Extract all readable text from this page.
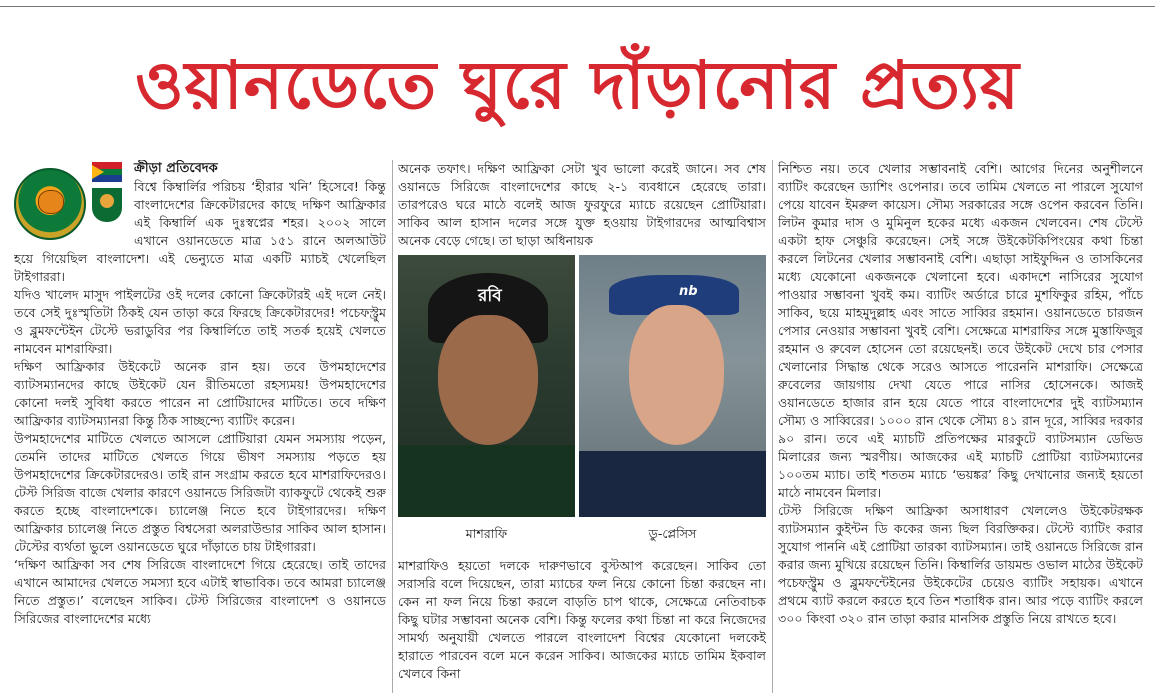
ওয়ানডেতে ঘুরে দাঁড়ানোর প্রত্যয়

ক্রীড়া প্রতিবেদক

বিশ্বে কিম্বার্লির পরিচয় ‘হীরার খনি’ হিসেবে! কিন্তু বাংলাদেশের ক্রিকেটারদের কাছে দক্ষিণ আফ্রিকার এই কিম্বার্লি এক দুঃস্বপ্নের শহর। ২০০২ সালে এখানে ওয়ানডেতে মাত্র ১৫১ রানে অলআউট হয়ে গিয়েছিল বাংলাদেশ। এই ভেন্যুতে মাত্র একটি ম্যাচই খেলেছিল টাইগাররা।

যদিও খালেদ মাসুদ পাইলটের ওই দলের কোনো ক্রিকেটারই এই দলে নেই। তবে সেই দুঃস্মৃতিটা ঠিকই যেন তাড়া করে ফিরছে ক্রিকেটারদের! পচেফস্ট্রুম ও ব্লুমফন্টেইন টেস্টে ভরাডুবির পর কিম্বার্লিতে তাই সতর্ক হয়েই খেলতে নামবেন মাশরাফিরা।

দক্ষিণ আফ্রিকার উইকেটে অনেক রান হয়। তবে উপমহাদেশের ব্যাটসম্যানদের কাছে উইকেট যেন রীতিমতো রহস্যময়! উপমহাদেশের কোনো দলই সুবিধা করতে পারেন না প্রোটিয়াদের মাটিতে। তবে দক্ষিণ আফ্রিকার ব্যাটসম্যানরা কিন্তু ঠিক সাচ্ছন্দ্যে ব্যাটিং করেন।

উপমহাদেশের মাটিতে খেলতে আসলে প্রোটিয়ারা যেমন সমস্যায় পড়েন, তেমনি তাদের মাটিতে খেলতে গিয়ে ভীষণ সমস্যায় পড়তে হয় উপমহাদেশের ক্রিকেটারদেরও। তাই রান সংগ্রাম করতে হবে মাশরাফিদেরও। টেস্ট সিরিজ বাজে খেলার কারণে ওয়ানডে সিরিজটা ব্যাকফুটে থেকেই শুরু করতে হচ্ছে বাংলাদেশকে। চ্যালেঞ্জ নিতে হবে টাইগারদের। দক্ষিণ আফ্রিকার চ্যালেঞ্জ নিতে প্রস্তুত বিশ্বসেরা অলরাউন্ডার সাকিব আল হাসান। টেস্টের ব্যর্থতা ভুলে ওয়ানডেতে ঘুরে দাঁড়াতে চায় টাইগাররা।

‘দক্ষিণ আফ্রিকা সব শেষ সিরিজে বাংলাদেশে গিয়ে হেরেছে। তাই তাদের এখানে আমাদের খেলতে সমস্যা হবে এটাই স্বাভাবিক। তবে আমরা চ্যালেঞ্জ নিতে প্রস্তুত।’ বলেছেন সাকিব। টেস্ট সিরিজের বাংলাদেশ ও ওয়ানডে সিরিজের বাংলাদেশের মধ্যে

অনেক তফাৎ। দক্ষিণ আফ্রিকা সেটা খুব ভালো করেই জানে। সব শেষ ওয়ানডে সিরিজে বাংলাদেশের কাছে ২-১ ব্যবধানে হেরেছে তারা। তারপরেও ঘরে মাঠে বলেই আজ ফুরফুরে ম্যাচে রয়েছেন প্রোটিয়ারা। সাকিব আল হাসান দলের সঙ্গে যুক্ত হওয়ায় টাইগারদের আত্মবিশ্বাস অনেক বেড়ে গেছে। তা ছাড়া অধিনায়ক

রবি	nb
মাশরাফি	ডু-প্লেসিস

মাশরাফিও হয়তো দলকে দারুণভাবে বুস্টআপ করেছেন। সাকিব তো সরাসরি বলে দিয়েছেন, তারা ম্যাচের ফল নিয়ে কোনো চিন্তা করছেন না। কেন না ফল নিয়ে চিন্তা করলে বাড়তি চাপ থাকে, সেক্ষেত্রে নেতিবাচক কিছু ঘটার সম্ভাবনা অনেক বেশি। কিন্তু ফলের কথা চিন্তা না করে নিজেদের সামর্থ্য অনুযায়ী খেলতে পারলে বাংলাদেশ বিশ্বের যেকোনো দলকেই হারাতে পারবেন বলে মনে করেন সাকিব। আজকের ম্যাচে তামিম ইকবাল খেলবে কিনা

নিশ্চিত নয়। তবে খেলার সম্ভাবনাই বেশি। আগের দিনের অনুশীলনে ব্যাটিং করেছেন ড্যাশিং ওপেনার। তবে তামিম খেলতে না পারলে সুযোগ পেয়ে যাবেন ইমরুল কায়েস। সৌম্য সরকারের সঙ্গে ওপেন করবেন তিনি। লিটন কুমার দাস ও মুমিনুল হকের মধ্যে একজন খেলবেন। শেষ টেস্টে একটা হাফ সেঞ্চুরি করেছেন। সেই সঙ্গে উইকেটকিপিংয়ের কথা চিন্তা করলে লিটনের খেলার সম্ভাবনাই বেশি। এছাড়া সাইফুদ্দিন ও তাসকিনের মধ্যে যেকোনো একজনকে খেলানো হবে। একাদশে নাসিরের সুযোগ পাওয়ার সম্ভাবনা খুবই কম। ব্যাটিং অর্ডারে চারে মুশফিকুর রহিম, পাঁচে সাকিব, ছয়ে মাহমুদুল্লাহ এবং সাতে সাব্বির রহমান। ওয়ানডেতে চারজন পেসার নেওয়ার সম্ভাবনা খুবই বেশি। সেক্ষেত্রে মাশরাফির সঙ্গে মুস্তাফিজুর রহমান ও রুবেল হোসেন তো রয়েছেনই। তবে উইকেট দেখে চার পেসার খেলানোর সিদ্ধান্ত থেকে সরেও আসতে পারেননি মাশরাফি। সেক্ষেত্রে রুবেলের জায়গায় দেখা যেতে পারে নাসির হোসেনকে। আজই ওয়ানডেতে হাজার রান হয়ে যেতে পারে বাংলাদেশের দুই ব্যাটসম্যান সৌম্য ও সাব্বিরের। ১০০০ রান থেকে সৌম্য ৪১ রান দূরে, সাব্বির দরকার ৯০ রান। তবে এই ম্যাচটি প্রতিপক্ষের মারকুটে ব্যাটসম্যান ডেভিড মিলারের জন্য স্মরণীয়। আজকের এই ম্যাচটি প্রোটিয়া ব্যাটসম্যানের ১০০তম ম্যাচ। তাই শততম ম্যাচে ‘ভয়ঙ্কর’ কিছু দেখানোর জন্যই হয়তো মাঠে নামবেন মিলার।

টেস্ট সিরিজে দক্ষিণ আফ্রিকা অসাধারণ খেললেও উইকেটরক্ষক ব্যাটসম্যান কুইন্টন ডি ককের জন্য ছিল বিরক্তিকর। টেস্টে ব্যাটিং করার সুযোগ পাননি এই প্রোটিয়া তারকা ব্যাটসম্যান। তাই ওয়ানডে সিরিজে রান করার জন্য মুখিয়ে রয়েছেন তিনি। কিম্বার্লির ডায়মন্ড ওভাল মাঠের উইকেট পচেফস্ট্রুম ও ব্লুমফন্টেইনের উইকেটের চেয়েও ব্যাটিং সহায়ক। এখানে প্রথমে ব্যাট করলে করতে হবে তিন শতাধিক রান। আর পড়ে ব্যাটিং করলে ৩০০ কিংবা ৩২০ রান তাড়া করার মানসিক প্রস্তুতি নিয়ে রাখতে হবে।
